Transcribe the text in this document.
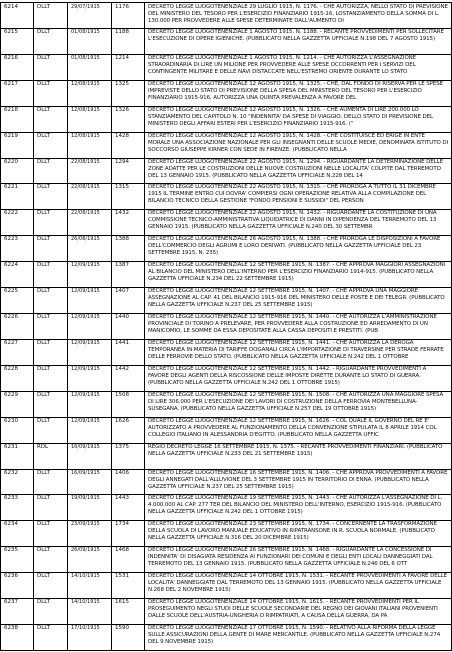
6214	DLLT	29/07/1915	1176	DECRETO LEGGE LUOGOTENENZIALE 29 LUGLIO 1915, N. 1176. - CHE AUTORIZZA, NELLO STATO DI PREVISIONE DEL MINISTERO DEL TESORO PER L'ESERCIZIO FINANZIARIO 1915-16, LOSTANZIAMENTO DELLA SOMMA DI L. 130.000 PER PROVVEDERE ALLE SPESE DETERMINATE DALL'AUMENTO DI
6215	DLLT	01/08/1915	1188	DECRETO LEGGE LUOGOTENENZIALE 1 AGOSTO 1915, N. 1188. - RECANTE PROVVEDIMENTI PER SOLLECITARE L'ESECUZIONE DI OPERE IGIENICHE. (PUBBLICATO NELLA GAZZETTA UFFICIALE N.198 DEL 7 AGOSTO 1915)
6216	DLLT	01/08/1915	1214	DECRETO LEGGE LUOGOTENENZIALE 1 AGOSTO 1915, N. 1214. - CHE AUTORIZZA L'ASSEGNAZIONE STRAORDINARIA DI LIRE UN MILIONE PER PROVVEDERE ALLE SPESE OCCORRENTI PER I SERVIZI DEL CONTINGENTE MILITARE E DELLE NAVI DISTACCATE NELL'ESTREMO ORIENTE DURANTE LO STATO
6217	DLLT	12/08/1915	1325	DECRETO LEGGE LUOGOTENENZIALE 12 AGOSTO 1915, N. 1325. - CHE, DAL FONDO DI RISERVA PER LE SPESE IMPREVISTE DELLO STATO DI PREVISIONE DELLA SPESA DEL MINISTERO DEL TESORO PER L'ESERCIZIO FINANZIARIO 1915-916, AUTORIZZA UNA QUINTA PREVALENZA A FAVORE DEL
6218	DLLT	12/08/1915	1326	DECRETO LEGGE LUOGOTENENZIALE 12 AGOSTO 1915, N. 1326. - CHE AUMENTA DI LIRE 200.000 LO STANZIAMENTO DEL CAPITOLO N. 10 "INDENNITA' DA SPESE DI VIAGGIO, DELLO STATO DI PREVISIONE DEL MINISTERO DEGLI AFFARI ESTERI PER L'ESERCIZIO FINANZIARIO 1915-916. ("
6219	DLLT	12/08/1915	1428	DECRETO LEGGE LUOGOTENENZIALE 12 AGOSTO 1915, N. 1428. - CHE COSTITUISCE ED ERIGE IN ENTE MORALE UNA ASSOCIAZIONE NAZIONALE PER GLI INSEGNANTI DELLE SCUOLE MEDIE, DENOMINATA ISTITUTO DI SOCCORSO GIUSEPPE KIRNER CON SEDE IN FIRENZE. (PUBBLICATO NELLA
6220	DLLT	22/08/1915	1294	DECRETO LEGGE LUOGOTENENZIALE 22 AGOSTO 1915, N. 1294. - RIGUARDANTE LA DETERMINAZIONE DELLE ZONE ADATTE PER LE COSTRUZIONI DELLE NUOVE COSTRUZIONI NELLE LOCALITA' COLPITE DAL TERREMOTO DEL 13 GENNAIO 1915. (PUBBLICATO NELLA GAZZETTA UFFICIALE N.228 DEL 14
6221	DLLT	22/08/1915	1315	DECRETO LEGGE LUOGOTENENZIALE 22 AGOSTO 1915, N. 1315. - CHE PROROGA A TUTTO IL 31 DICEMBRE 1915 IL TERMINE ENTRO CUI DOVRA' COMPIERSI OGNI OPERAZIONE RELATIVA ALLA COMPILAZIONE DEL BILANCIO TECNICO DELLA GESTIONE "FONDO PENSIONI E SUSSIDI" DEL PERSON
6222	DLLT	22/08/1915	1432	DECRETO LEGGE LUOGOTENENZIALE 22 AGOSTO 1915, N. 1432. - RIGUARDANTE LA COSTITUZIONE DI UNA COMMISSIONE TECNICO-AMMINISTRATIVA LIQUIDATRICE DI DANNI IN DIPENDENZA DEL TERREMOTO DEL 13 GENNAIO 1915. (PUBBLICATO NELLA GAZZETTA UFFICIALE N.240 DEL 30 SETTEMBR
6223	DLLT	26/08/1915	1388	DECRETO LEGGE LUOGOTENENZIALE 26 AGOSTO 1915, N. 1388. - CHE PROROGA LE DISPOSIZIONI A FAVORE DELL'COMMERCIO DEGLI AGRUMI E LORO DERIVATI. (PUBBLICATO NELLA GAZZETTA UFFICIALE DEL 23 SETTEMBRE 1915, N. 235)
6224	DLLT	12/09/1915	1387	DECRETO LEGGE LUOGOTENENZIALE 12 SETTEMBRE 1915, N. 1387. - CHE APPROVA MAGGIORI ASSEGNAZIONI AL BILANCIO DEL MINISTERO DELL'INTERNO PER L'ESERCIZIO FINANZIARIO 1914-915. (PUBBLICATO NELLA GAZZETTA UFFICIALE N.234 DEL 22 SETTEMBRE 1915)
6225	DLLT	12/09/1915	1407	DECRETO LEGGE LUOGOTENENZIALE 12 SETTEMBRE 1915, N. 1407. - CHE APPROVA UNA MAGGIORE ASSEGNAZIONE AL CAP. 41 DEL BILANCIO 1915-916 DEL MINISTERO DELLE POSTE E DEI TELEGR. (PUBBLICATO NELLA GAZZETTA UFFICIALE N.237 DEL 25 SETTEMBRE 1915)
6226	DLLT	12/09/1915	1440	DECRETO LEGGE LUOGOTENENZIALE 12 SETTEMBRE 1915, N. 1440. - CHE AUTORIZZA L'AMMINISTRAZIONE PROVINCIALE DI TORINO A PRELEVARE, PER PROVVEDERE ALLA COSTRUZIONE ED ARREDAMENTO DI UN MANICOMIO, LE SOMME DA ESSA DEPOSITATE ALLA CASSA DEPOSITI E PRESTITI. (PUB
6227	DLLT	12/09/1915	1441	DECRETO LEGGE LUOGOTENENZIALE 12 SETTEMBRE 1915, N. 1441. - CHE AUTORIZZA LA DEROGA TEMPORANEA IN MATERIA DI TARIFFE DOGANALI CIRCA L'IMPORTAZIONE DI TRAVERSINE PER STRADE FERRATE DELLE FERROVIE DELLO STATO. (PUBBLICATO NELLA GAZZETTA UFFICIALE N.242 DEL 1 OTTOBRE
6228	DLLT	12/09/1915	1442	DECRETO LEGGE LUOGOTENENZIALE 12 SETTEMBRE 1915, N. 1442. - RIGUARDANTE PROVVEDIMENTI A FAVORE DEGLI AGENTI DELLA RISCOSSIONE DELLE IMPOSTE DIRETTE DURANTE LO STATO DI GUERRA. (PUBBLICATO NELLA GAZZETTA UFFICIALE N.242 DEL 1 OTTOBRE 1915)
6229	DLLT	12/09/1915	1508	DECRETO LEGGE LUOGOTENENZIALE 12 SETTEMBRE 1915, N. 1508. - CHE AUTORIZZA UNA MAGGIORE SPESA DI LIRE 306.000 PER L'ESECUZIONE DEI LAVORI DI COSTRUZIONE DELLA FERROVIA MONTEBELLUNA-SUSEGANA. (PUBBLICATO NELLA GAZZETTA UFFICIALE N.257 DEL 19 OTTOBRE 1915)
6230	DLLT	12/09/1915	1626	DECRETO LEGGE LUOGOTENENZIALE 12 SETTEMBRE 1915, N. 1626. - COL QUALE IL GOVERNO DEL RE E' AUTORIZZATO A PROVVEDERE AL FUNZIONAMENTO DELLA CONVENZIONE STIPULATA IL 8 APRILE 1914 COL COLLEGIO ITALIANO IN ALESSANDRIA D'EGITTO. (PUBBLICATO NELLA GAZZETTA UFFIC
6231	RDL	16/09/1915	1375	REGIO DECRETO LEGGE 16 SETTEMBRE 1915, N. 1375. - RECANTE PROVVEDIMENTI FINANZIARI. (PUBBLICATO NELLA GAZZETTA UFFICIALE N.233 DEL 21 SETTEMBRE 1915)
6232	DLLT	16/09/1915	1406	DECRETO LEGGE LUOGOTENENZIALE 16 SETTEMBRE 1915, N. 1406. - CHE APPROVA PROVVEDIMENTI A FAVORE DEGLI ANNEGATI DALL'ALLUVIONE DEL 3 SETTEMBRE 1915 IN TERRITORIO DI ENNA. (PUBBLICATO NELLA GAZZETTA UFFICIALE N.237 DEL 25 SETTEMBRE 1915)
6233	DLLT	19/09/1915	1443	DECRETO LEGGE LUOGOTENENZIALE 19 SETTEMBRE 1915, N. 1443. - CHE AUTORIZZA L'ASSEGNAZIONE DI L. 4.000.000 AL CAP. 277 TER DEL BILANCIO DEL MINISTERO DELL'INTERNO, ESERCIZIO 1915-916. (PUBBLICATO NELLA GAZZETTA UFFICIALE N.242 DEL 1 OTTOBRE 1915)
6234	DLLT	23/09/1915	1734	DECRETO LEGGE LUOGOTENENZIALE 23 SETTEMBRE 1915, N. 1734. - CONCERNENTE LA TRASFORMAZIONE DELLA SCUOLA DI LAVORO MANUALE EDUCATIVO IN RIPATRANSONE IN R. SCUOLA NORMALE. (PUBBLICATO NELLA GAZZETTA UFFICIALE N.316 DEL 20 DICEMBRE 1915)
6235	DLLT	26/09/1915	1468	DECRETO LEGGE LUOGOTENENZIALE 26 SETTEMBRE 1915, N. 1468. - RIGUARDANTE LA CONCESSIONE DI INDENNITA' DI DISAGIATA RESIDENZA AI FUNZIONARI DEI COMUNI E DEGLI ENTI LOCALI DANNEGGIATI DAL TERREMOTO DEL 13 GENNAIO 1915. (PUBBLICATO NELLA GAZZETTA UFFICIALE N.246 DEL 6 OTT
6236	DLLT	14/10/1915	1531	DECRETO LEGGE LUOGOTENENZIALE 14 OTTOBRE 1915, N. 1531. - RECANTE PROVVEDIMENTI A FAVORE DELLE LOCALITA' DANNEGGIATE DAL TERREMOTO DEL 13 GENNAIO 1915. (PUBBLICATO NELLA GAZZETTA UFFICIALE N.268 DEL 2 NOVEMBRE 1915)
6237	DLLT	14/10/1915	1615	DECRETO LEGGE LUOGOTENENZIALE 14 OTTOBRE 1915, N. 1615. - RECANTE PROVVEDIMENTI PER IL PROSEGUIMENTO NEGLI STUDI DELLE SCUOLE SECONDARIE DEL REGNO DEI GIOVANI ITALIANI PROVENIENTI DALLE SCUOLE DELL'AUSTRIA-UNGHERIA O RIMPATRIATI, A CAUSA DELLA GUERRA, DA PA
6238	DLLT	17/10/1915	1590	DECRETO LEGGE LUOGOTENENZIALE 17 OTTOBRE 1915, N. 1590. - RELATIVO ALLA RIFORMA DELLA LEGGE SULLE ASSICURAZIONI DELLA GENTE DI MARE MERCANTILE. (PUBBLICATO NELLA GAZZETTA UFFICIALE N.274 DEL 9 NOVEMBRE 1915)
